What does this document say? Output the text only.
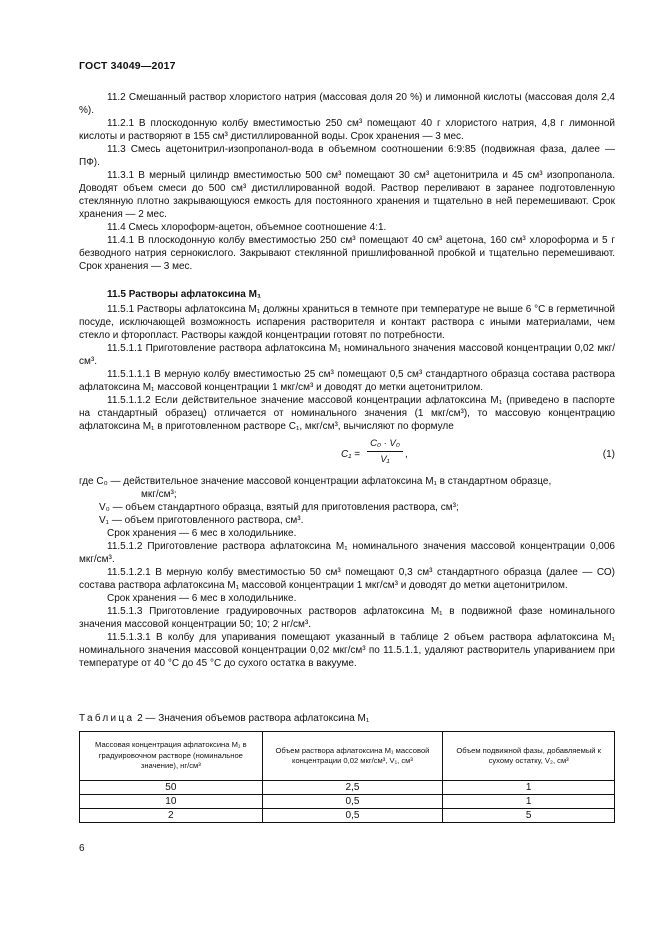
ГОСТ 34049—2017

11.2 Смешанный раствор хлористого натрия (массовая доля 20 %) и лимонной кислоты (массовая доля 2,4 %).

11.2.1 В плоскодонную колбу вместимостью 250 см³ помещают 40 г хлористого натрия, 4,8 г лимонной кислоты и растворяют в 155 см³ дистиллированной воды. Срок хранения — 3 мес.

11.3 Смесь ацетонитрил-изопропанол-вода в объемном соотношении 6:9:85 (подвижная фаза, далее — ПФ).

11.3.1 В мерный цилиндр вместимостью 500 см³ помещают 30 см³ ацетонитрила и 45 см³ изопропанола. Доводят объем смеси до 500 см³ дистиллированной водой. Раствор переливают в заранее подготовленную стеклянную плотно закрывающуюся емкость для постоянного хранения и тщательно в ней перемешивают. Срок хранения — 2 мес.

11.4 Смесь хлороформ-ацетон, объемное соотношение 4:1.

11.4.1 В плоскодонную колбу вместимостью 250 см³ помещают 40 см³ ацетона, 160 см³ хлороформа и 5 г безводного натрия сернокислого. Закрывают стеклянной пришлифованной пробкой и тщательно перемешивают. Срок хранения — 3 мес.

11.5 Растворы афлатоксина M₁

11.5.1 Растворы афлатоксина M₁ должны храниться в темноте при температуре не выше 6 °С в герметичной посуде, исключающей возможность испарения растворителя и контакт раствора с иными материалами, чем стекло и фторопласт. Растворы каждой концентрации готовят по потребности.

11.5.1.1 Приготовление раствора афлатоксина M₁ номинального значения массовой концентрации 0,02 мкг/см³.

11.5.1.1.1 В мерную колбу вместимостью 25 см³ помещают 0,5 см³ стандартного образца состава раствора афлатоксина M₁ массовой концентрации 1 мкг/см³ и доводят до метки ацетонитрилом.

11.5.1.1.2 Если действительное значение массовой концентрации афлатоксина M₁ (приведено в паспорте на стандартный образец) отличается от номинального значения (1 мкг/см³), то массовую концентрацию афлатоксина M₁ в приготовленном растворе C₁, мкг/см³, вычисляют по формуле

$C_1 = \frac{\text{C₀ · V₀}}{\text{V₁}}$ ,	(1)

где C₀ — действительное значение массовой концентрации афлатоксина M₁ в стандартном образце,

мкг/см³;

V₀ — объем стандартного образца, взятый для приготовления раствора, см³;

V₁ — объем приготовленного раствора, см³.

Срок хранения — 6 мес в холодильнике.

11.5.1.2 Приготовление раствора афлатоксина M₁ номинального значения массовой концентрации 0,006 мкг/см³.

11.5.1.2.1 В мерную колбу вместимостью 50 см³ помещают 0,3 см³ стандартного образца (далее — СО) состава раствора афлатоксина M₁ массовой концентрации 1 мкг/см³ и доводят до метки ацетонитрилом.

Срок хранения — 6 мес в холодильнике.

11.5.1.3 Приготовление градуировочных растворов афлатоксина M₁ в подвижной фазе номинального значения массовой концентрации 50; 10; 2 нг/см³.

11.5.1.3.1 В колбу для упаривания помещают указанный в таблице 2 объем раствора афлатоксина M₁ номинального значения массовой концентрации 0,02 мкг/см³ по 11.5.1.1, удаляют растворитель упариванием при температуре от 40 °С до 45 °С до сухого остатка в вакууме.

Таблица 2 — Значения объемов раствора афлатоксина M₁
Массовая концентрация афлатоксина M₁ в градуировочном растворе (номинальное значение), нг/см³	Объем раствора афлатоксина M₁ массовой концентрации 0,02 мкг/см³, V₁, см³	Объем подвижной фазы, добавляемый к сухому остатку, V₂, см³
50	2,5	1
10	0,5	1
2	0,5	5
6
